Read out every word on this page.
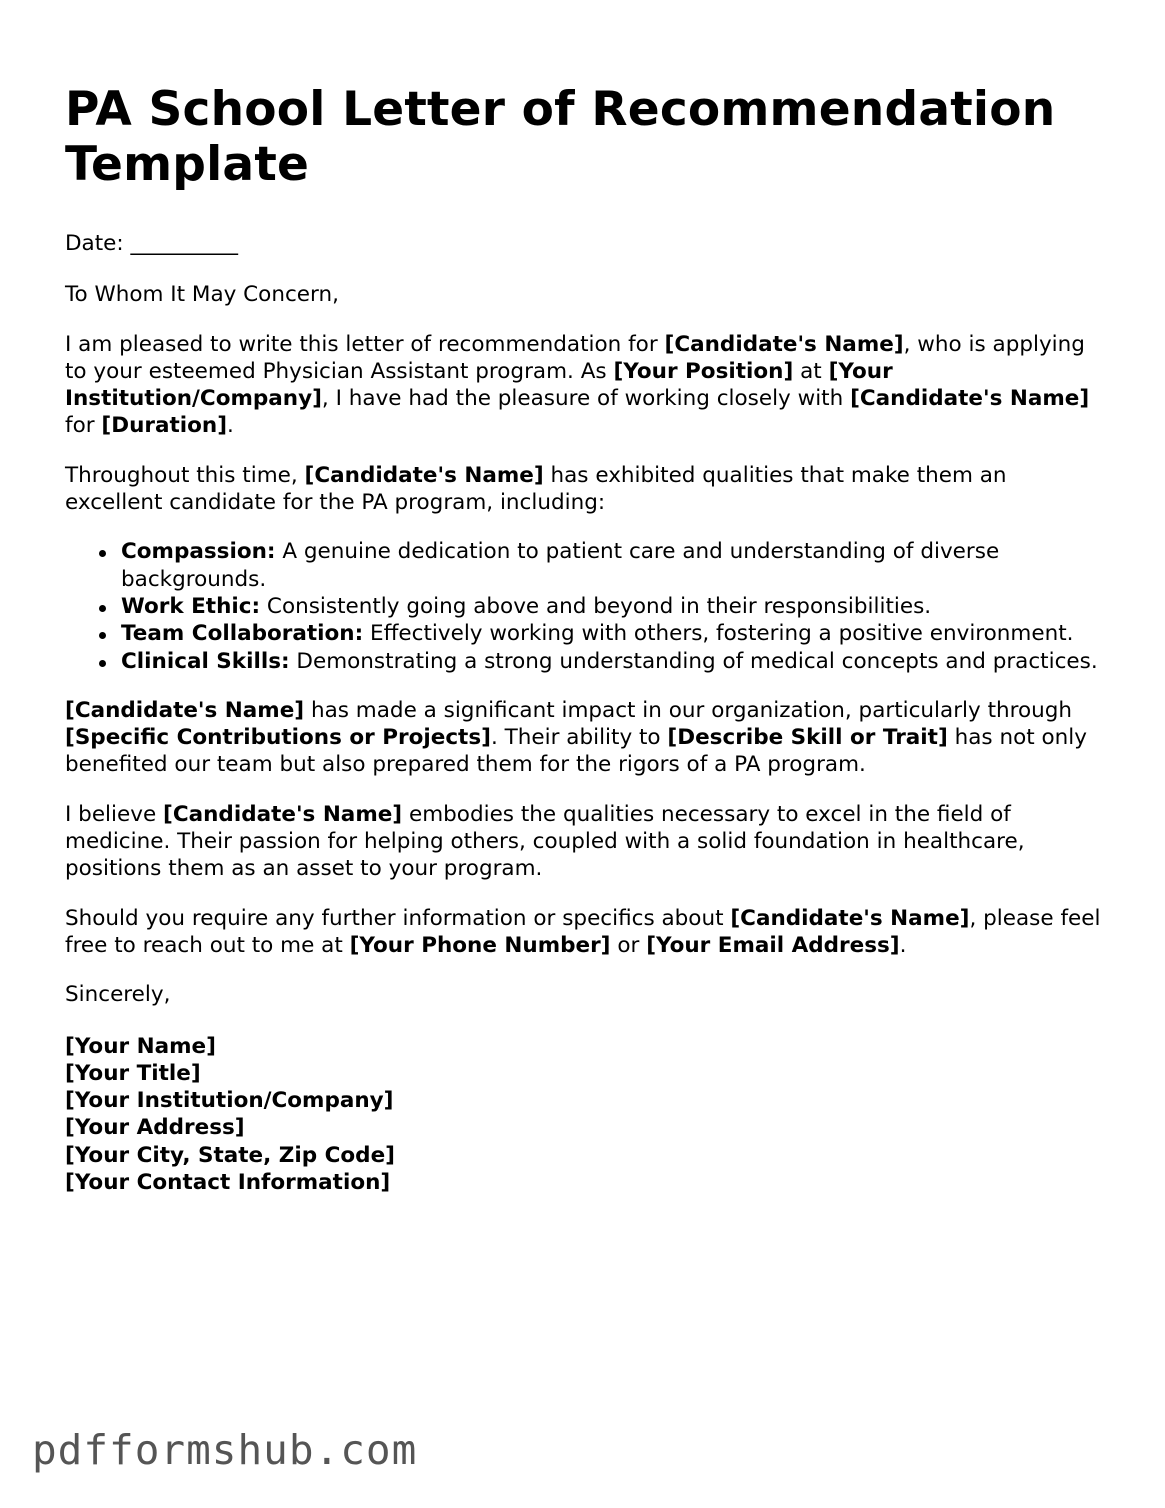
PA School Letter of Recommendation Template

Date: __________

To Whom It May Concern,

I am pleased to write this letter of recommendation for [Candidate's Name], who is applying to your esteemed Physician Assistant program. As [Your Position] at [Your Institution/Company], I have had the pleasure of working closely with [Candidate's Name] for [Duration].

Throughout this time, [Candidate's Name] has exhibited qualities that make them an excellent candidate for the PA program, including:

Compassion: A genuine dedication to patient care and understanding of diverse backgrounds.
Work Ethic: Consistently going above and beyond in their responsibilities.
Team Collaboration: Effectively working with others, fostering a positive environment.
Clinical Skills: Demonstrating a strong understanding of medical concepts and practices.

[Candidate's Name] has made a significant impact in our organization, particularly through [Specific Contributions or Projects]. Their ability to [Describe Skill or Trait] has not only benefited our team but also prepared them for the rigors of a PA program.

I believe [Candidate's Name] embodies the qualities necessary to excel in the field of medicine. Their passion for helping others, coupled with a solid foundation in healthcare, positions them as an asset to your program.

Should you require any further information or specifics about [Candidate's Name], please feel free to reach out to me at [Your Phone Number] or [Your Email Address].

Sincerely,

[Your Name]
[Your Title]
[Your Institution/Company]
[Your Address]
[Your City, State, Zip Code]
[Your Contact Information]
pdfformshub.com
